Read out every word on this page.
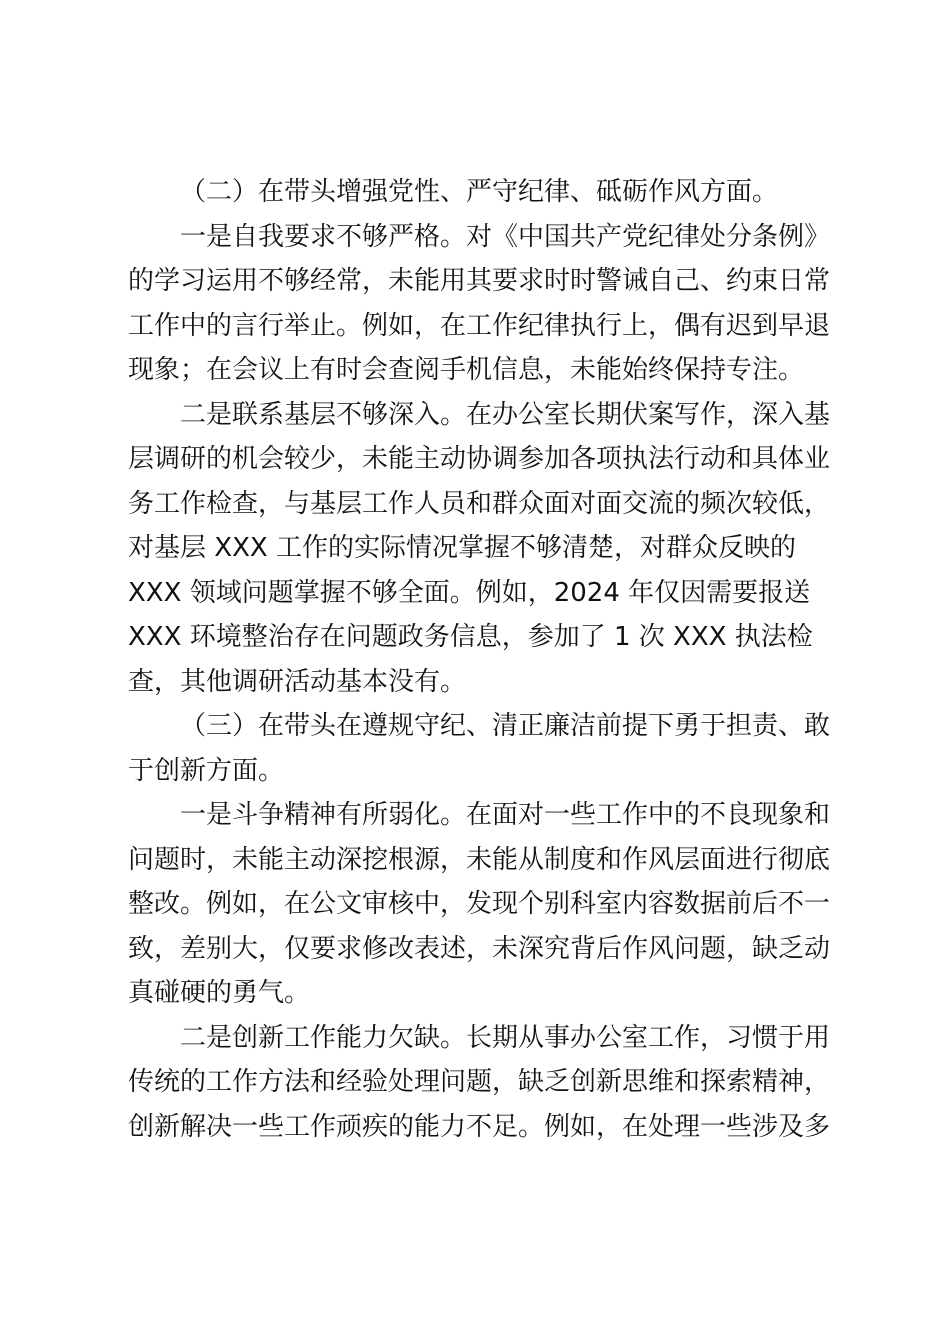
（二）在带头增强党性、严守纪律、砥砺作风方面。
一是自我要求不够严格。对《中国共产党纪律处分条例》
的学习运用不够经常，未能用其要求时时警诫自己、约束日常
工作中的言行举止。例如，在工作纪律执行上，偶有迟到早退
现象；在会议上有时会查阅手机信息，未能始终保持专注。
二是联系基层不够深入。在办公室长期伏案写作，深入基
层调研的机会较少，未能主动协调参加各项执法行动和具体业
务工作检查，与基层工作人员和群众面对面交流的频次较低，
对基层 XXX 工作的实际情况掌握不够清楚，对群众反映的
XXX 领域问题掌握不够全面。例如，2024 年仅因需要报送
XXX 环境整治存在问题政务信息，参加了 1 次 XXX 执法检
查，其他调研活动基本没有。
（三）在带头在遵规守纪、清正廉洁前提下勇于担责、敢
于创新方面。
一是斗争精神有所弱化。在面对一些工作中的不良现象和
问题时，未能主动深挖根源，未能从制度和作风层面进行彻底
整改。例如，在公文审核中，发现个别科室内容数据前后不一
致，差别大，仅要求修改表述，未深究背后作风问题，缺乏动
真碰硬的勇气。
二是创新工作能力欠缺。长期从事办公室工作，习惯于用
传统的工作方法和经验处理问题，缺乏创新思维和探索精神，
创新解决一些工作顽疾的能力不足。例如，在处理一些涉及多
